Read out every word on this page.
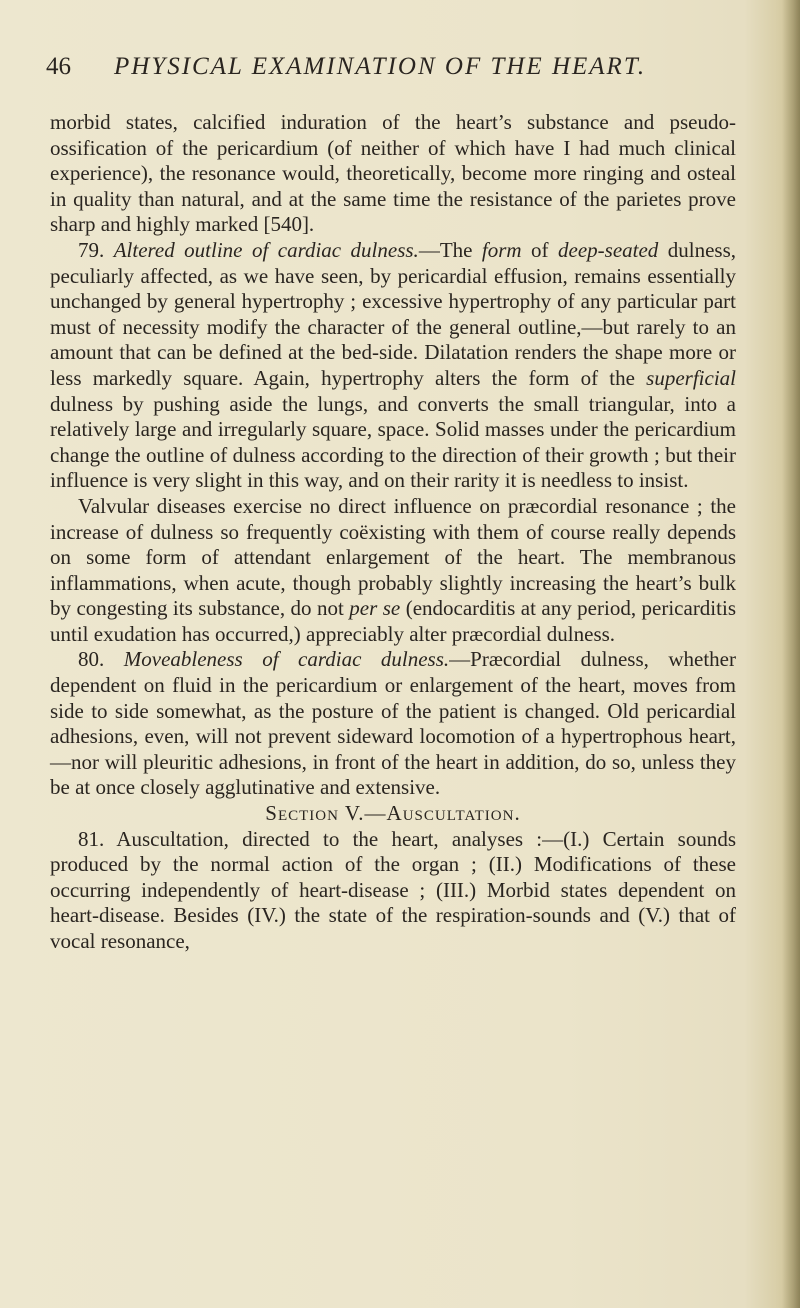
46 PHYSICAL EXAMINATION OF THE HEART.

morbid states, calcified induration of the heart’s substance and pseudo-ossification of the pericardium (of neither of which have I had much clinical experience), the resonance would, theoretically, become more ringing and osteal in quality than natural, and at the same time the resistance of the parietes prove sharp and highly marked [540].

79. Altered outline of cardiac dulness.—The form of deep-seated dulness, peculiarly affected, as we have seen, by pericardial effusion, remains essentially unchanged by general hypertrophy ; excessive hypertrophy of any particular part must of necessity modify the character of the general outline,—but rarely to an amount that can be defined at the bed-side. Dilatation renders the shape more or less markedly square. Again, hypertrophy alters the form of the superficial dulness by pushing aside the lungs, and converts the small triangular, into a relatively large and irregularly square, space. Solid masses under the pericardium change the outline of dulness according to the direction of their growth ; but their influence is very slight in this way, and on their rarity it is needless to insist.

Valvular diseases exercise no direct influence on præcordial resonance ; the increase of dulness so frequently coëxisting with them of course really depends on some form of attendant enlargement of the heart. The membranous inflammations, when acute, though probably slightly increasing the heart’s bulk by congesting its substance, do not per se (endocarditis at any period, pericarditis until exudation has occurred,) appreciably alter præcordial dulness.

80. Moveableness of cardiac dulness.—Præcordial dulness, whether dependent on fluid in the pericardium or enlargement of the heart, moves from side to side somewhat, as the posture of the patient is changed. Old pericardial adhesions, even, will not prevent sideward locomotion of a hypertrophous heart,—nor will pleuritic adhesions, in front of the heart in addition, do so, unless they be at once closely agglutinative and extensive.

Section V.—Auscultation.

81. Auscultation, directed to the heart, analyses :—(I.) Certain sounds produced by the normal action of the organ ; (II.) Modifications of these occurring independently of heart-disease ; (III.) Morbid states dependent on heart-disease. Besides (IV.) the state of the respiration-sounds and (V.) that of vocal resonance,
